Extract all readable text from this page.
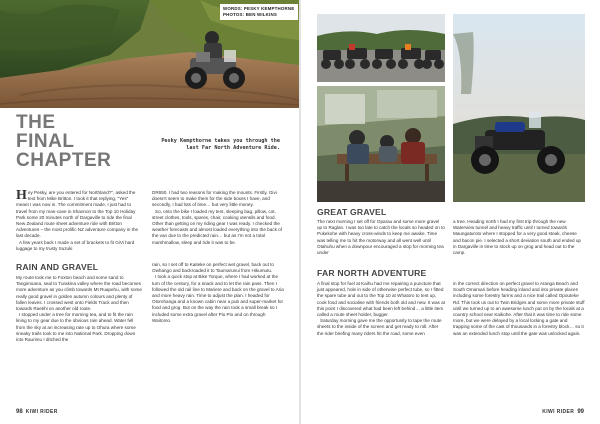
WORDS: PESKY KEMPTHORNE
PHOTOS: BEN WILKINS
THE
FINAL
CHAPTER
Pesky Kempthorne takes you through the last Far North Adventure Ride.

Hey Pesky, are you entered for Northland?", asked the text from Mike Britton. I took it that replying, "Yes" meant I was now in. The commitment made, I just had to travel from my man-cave in Shannon to the Top 10 Holiday Park some 20 minutes north of Dargaville to ride the final New Zealand route sheet adventure ride with Britton Adventures – the most prolific NZ adventure company in the last decade.

A few years back I made a set of brackets to fit GiVi hard luggage to my trusty Suzuki

DR650. I had two reasons for making the mounts. Firstly, Givi doesn't seem to make them for the side boxes I have, and secondly, I had lots of time… but very little money.

So, onto the bike I loaded my tent, sleeping bag, pillow, cot, street clothes, tools, spares, chair, cooking utensils and food. Other than getting on my riding gear I was ready. I checked the weather forecasts and almost loaded everything into the back of the van due to the predicted rain… but as I'm not a total marshmallow, sleep and ride it was to be.

RAIN AND GRAVEL

My route took me to Foxton beach and some sand to Tangimoana, seal to Turakina valley where the road becomes more adventure as you climb towards Mt Ruapehu, with some really good gravel in golden autumn colours and plenty of fallen leaves. I crossed west onto Fields Track and then towards Raetihi on another old route.

I stopped under a tree for morning tea, and to fit the rain lining to my gear due to the obvious rain ahead. Water fell from the sky at an increasing rate up to Ohura where some sneaky trails took to me into National Park. Dropping down into Raurimu I ditched the

rain, so I set off to Kaiteke on perfect wet gravel, back out to Owhango and backroaded it to Taumarunui from Hikumutu.

I took a quick stop at Bike Torque, where I had worked at the turn of the century, for a snack and to let the rain pass. Then I followed the old rail line to Mariere and back on the gravel to Aria and more heavy rain. Time to adjust the plan. I headed for Otorohanga and a known cabin near a pub and super-market for food and grog. But on the way the rain took a small break so I included some extra gravel after Pio Pio and on through Waitomo.

98 KIWI RIDER
GREAT GRAVEL

The next morning I set off for Oparau and some more gravel up to Raglan. I was too late to catch the locals so headed on to Pukekohe with heavy cross-winds to keep me awake. Time was telling me to hit the motorway and all went well until Otahuhu when a downpour encouraged a stop for morning tea under

a tree. Heading north I had my first trip through the new Waterview tunnel and heavy traffic until I turned towards Maungaturoto where I stopped for a very good steak, cheese and bacon pie. I selected a short deviation south and ended up in Dargaville in time to stock up on grog and head out to the camp.

FAR NORTH ADVENTURE

A final stop for fuel at Kaihu had me repairing a puncture that just appeared, hole in side of otherwise perfect tube, so I fitted the spare tube and out to the Top 10 at Whatoro to tent up, cook food and socialise with friends both old and new. It was at this point I discovered what had been left behind… a little item called a route sheet holder, bugger.

Saturday morning gave me the opportunity to tape the route sheets to the inside of the screen and get ready to roll. After the rider briefing many riders hit the road, some even

in the correct direction on perfect gravel to Aranga Beach and South Omamari before heading inland and into private places including some forestry farms and a nice trail called Opouteke Rd. This took us out to Twin Bridges and some more private stuff until we turned up to an awesome lunch put on by the locals at a country school near Kaikohe. After that it was time to ride some more, but we were delayed by a local locking a gate and trapping some of the cast of thousands in a forestry block… so it was an extended lunch stop until the gate was unlocked again.

KIWI RIDER 99
